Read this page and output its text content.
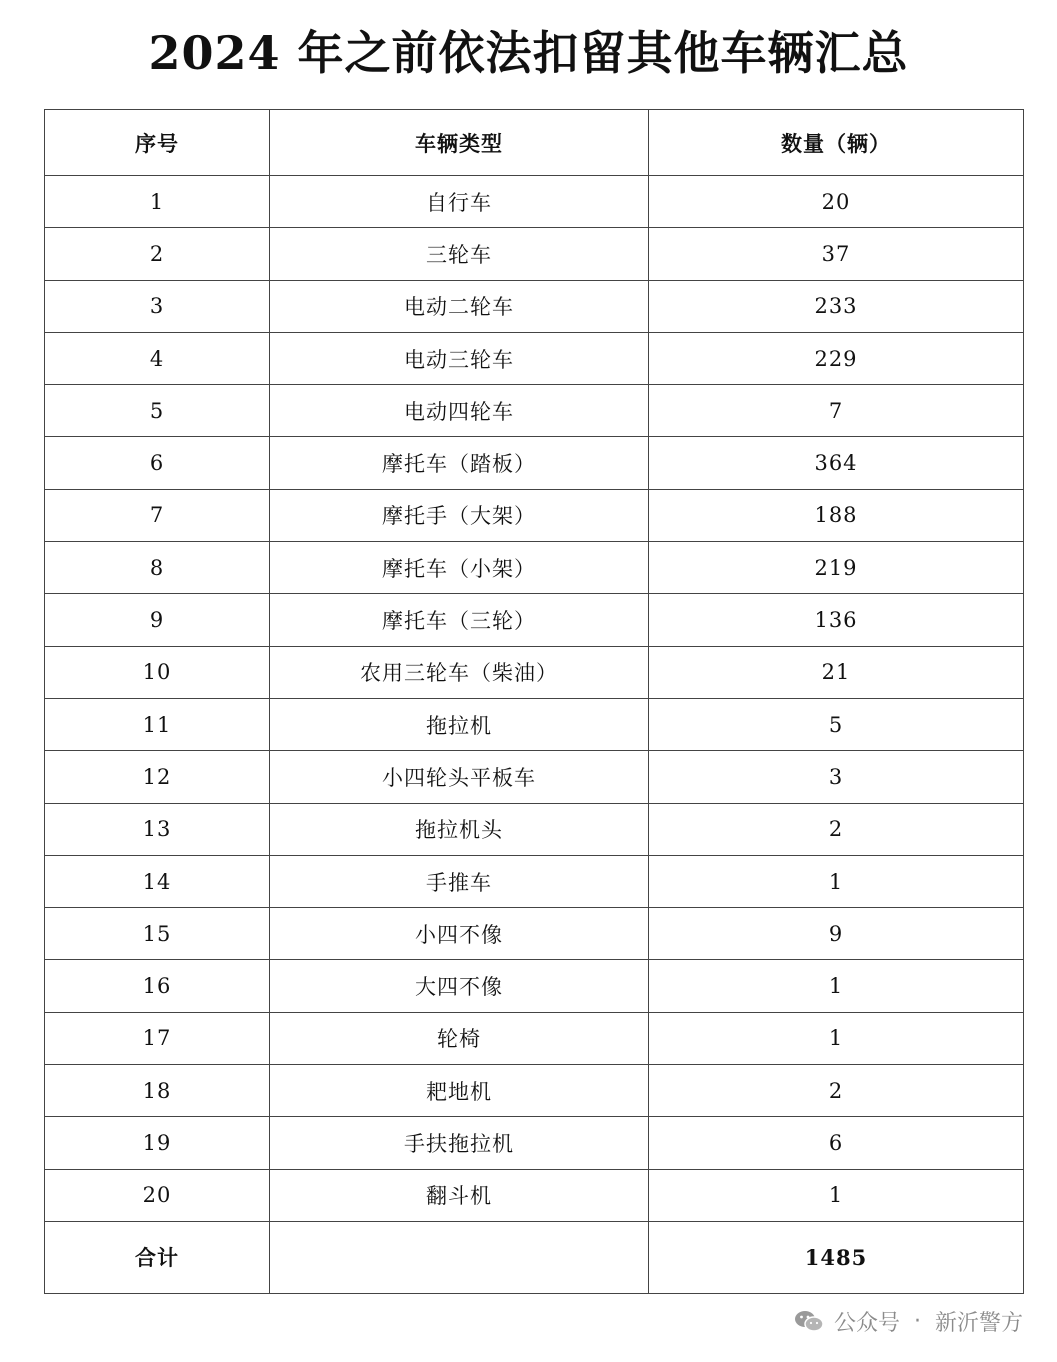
2024 年之前依法扣留其他车辆汇总
序号	车辆类型	数量（辆）
1	自行车	20
2	三轮车	37
3	电动二轮车	233
4	电动三轮车	229
5	电动四轮车	7
6	摩托车（踏板）	364
7	摩托手（大架）	188
8	摩托车（小架）	219
9	摩托车（三轮）	136
10	农用三轮车（柴油）	21
11	拖拉机	5
12	小四轮头平板车	3
13	拖拉机头	2
14	手推车	1
15	小四不像	9
16	大四不像	1
17	轮椅	1
18	耙地机	2
19	手扶拖拉机	6
20	翻斗机	1
合计		1485
公众号 · 新沂警方
